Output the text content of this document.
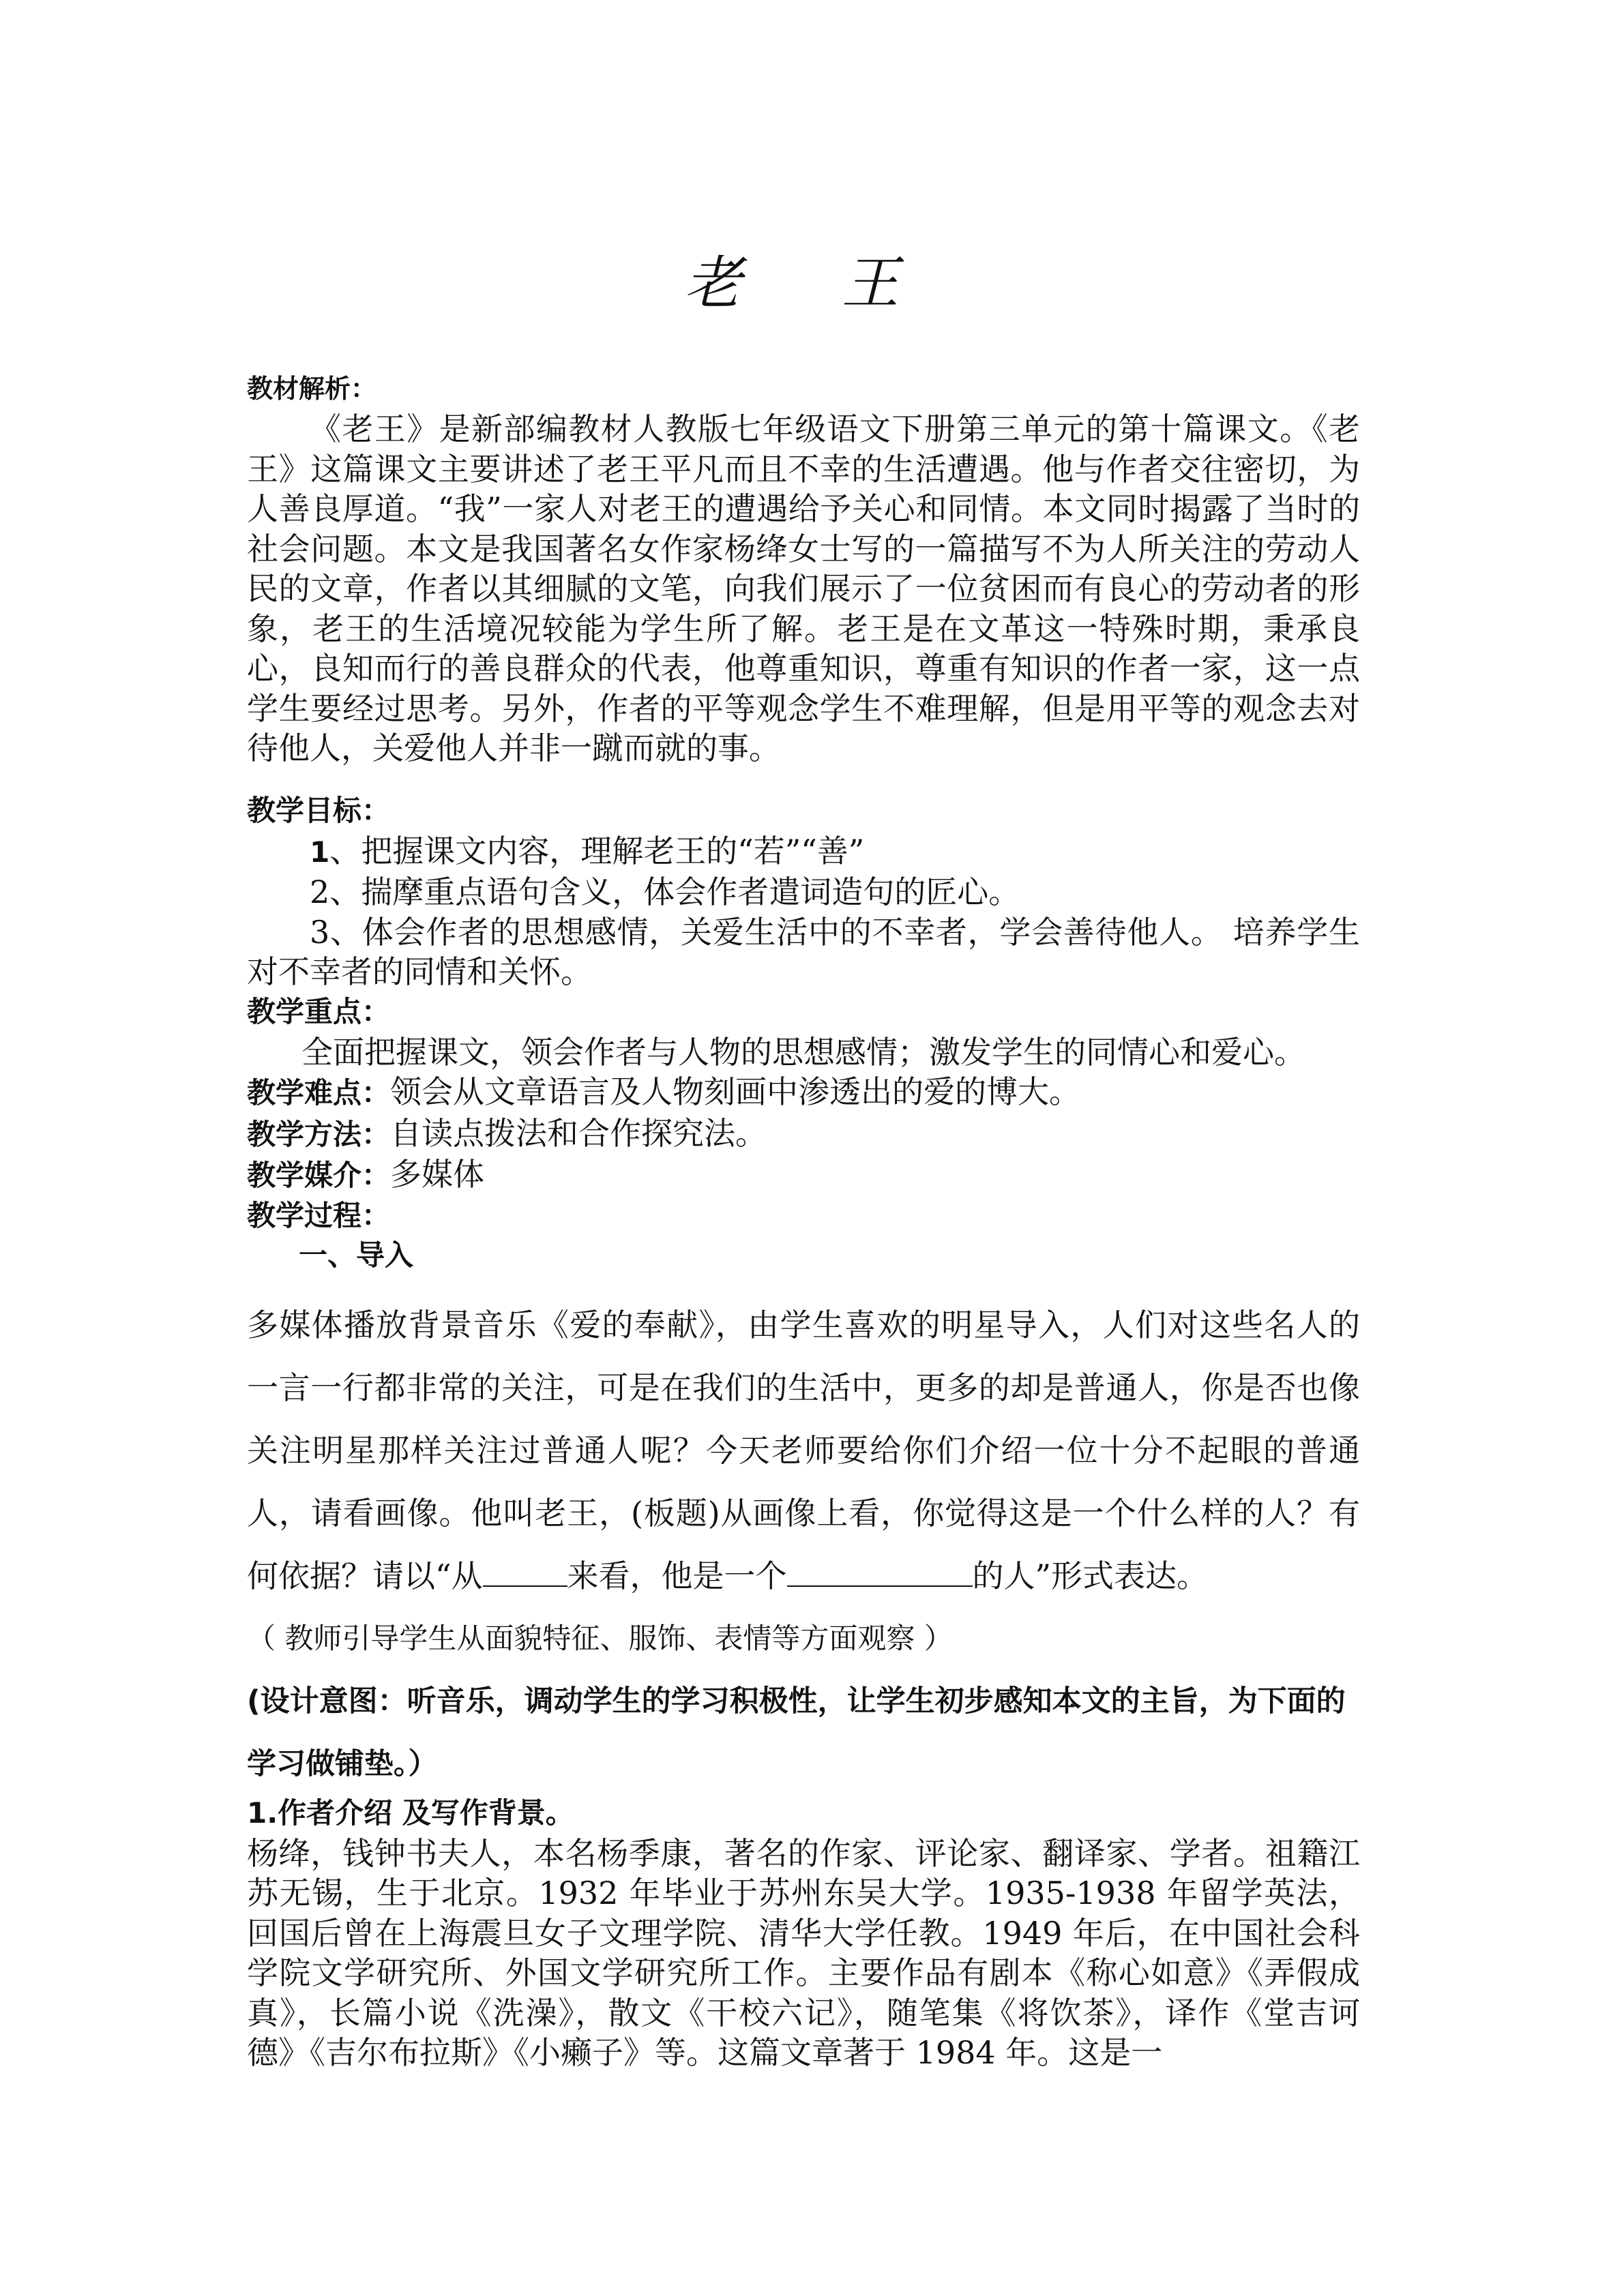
老 王
教材解析：

《老王》是新部编教材人教版七年级语文下册第三单元的第十篇课文。《老王》这篇课文主要讲述了老王平凡而且不幸的生活遭遇。他与作者交往密切，为人善良厚道。“我”一家人对老王的遭遇给予关心和同情。本文同时揭露了当时的社会问题。本文是我国著名女作家杨绛女士写的一篇描写不为人所关注的劳动人民的文章，作者以其细腻的文笔，向我们展示了一位贫困而有良心的劳动者的形象，老王的生活境况较能为学生所了解。老王是在文革这一特殊时期，秉承良心，良知而行的善良群众的代表，他尊重知识，尊重有知识的作者一家，这一点学生要经过思考。另外，作者的平等观念学生不难理解，但是用平等的观念去对待他人，关爱他人并非一蹴而就的事。

教学目标：
1、把握课文内容，理解老王的“若”“善”
2、揣摩重点语句含义，体会作者遣词造句的匠心。

3、体会作者的思想感情，关爱生活中的不幸者，学会善待他人。 培养学生对不幸者的同情和关怀。

教学重点：
全面把握课文，领会作者与人物的思想感情；激发学生的同情心和爱心。
教学难点：领会从文章语言及人物刻画中渗透出的爱的博大。
教学方法：自读点拨法和合作探究法。
教学媒介：多媒体
教学过程：
一、导入

多媒体播放背景音乐《爱的奉献》，由学生喜欢的明星导入，人们对这些名人的一言一行都非常的关注，可是在我们的生活中，更多的却是普通人，你是否也像关注明星那样关注过普通人呢？今天老师要给你们介绍一位十分不起眼的普通人，请看画像。他叫老王，(板题)从画像上看，你觉得这是一个什么样的人？有何依据？请以“从	来看，他是一个	的人”形式表达。

（ 教师引导学生从面貌特征、服饰、表情等方面观察 ）

(设计意图：听音乐，调动学生的学习积极性，让学生初步感知本文的主旨，为下面的学习做铺垫。）

1.作者介绍 及写作背景。

杨绛，钱钟书夫人，本名杨季康，著名的作家、评论家、翻译家、学者。祖籍江苏无锡，生于北京。1932 年毕业于苏州东吴大学。1935-1938 年留学英法，回国后曾在上海震旦女子文理学院、清华大学任教。1949 年后，在中国社会科学院文学研究所、外国文学研究所工作。主要作品有剧本《称心如意》《弄假成真》，长篇小说《洗澡》，散文《干校六记》，随笔集《将饮茶》，译作《堂吉诃德》《吉尔布拉斯》《小癞子》等。这篇文章著于 1984 年。这是一
